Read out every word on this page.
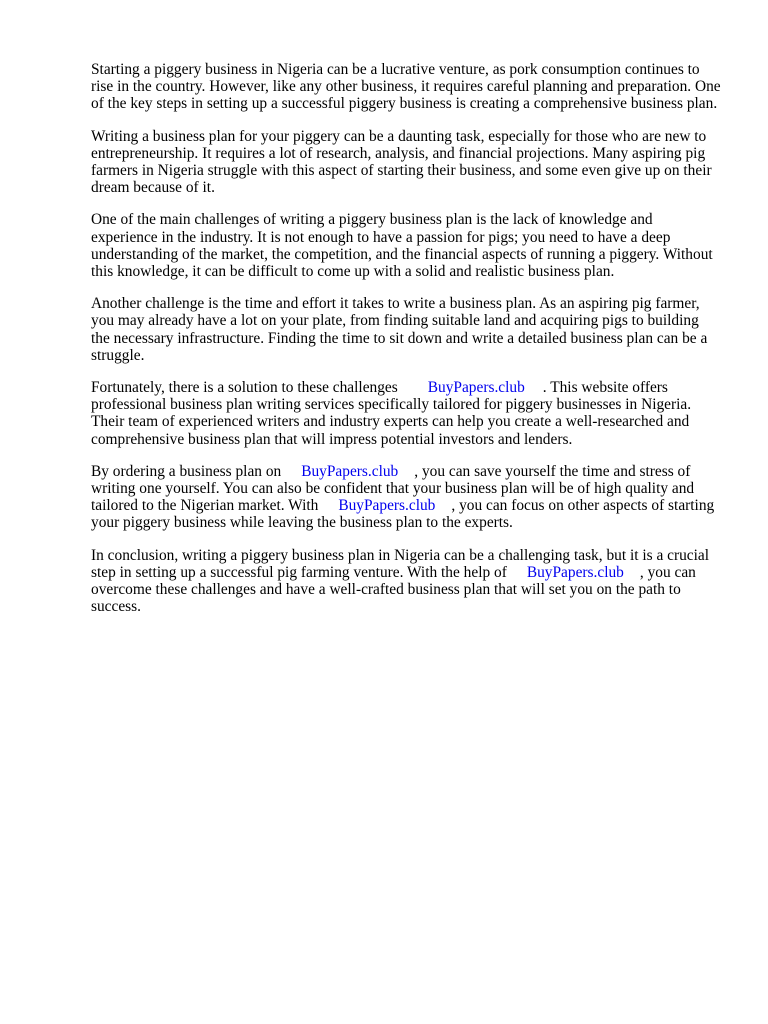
Starting a piggery business in Nigeria can be a lucrative venture, as pork consumption continues to rise in the country. However, like any other business, it requires careful planning and preparation. One of the key steps in setting up a successful piggery business is creating a comprehensive business plan.

Writing a business plan for your piggery can be a daunting task, especially for those who are new to entrepreneurship. It requires a lot of research, analysis, and financial projections. Many aspiring pig farmers in Nigeria struggle with this aspect of starting their business, and some even give up on their dream because of it.

One of the main challenges of writing a piggery business plan is the lack of knowledge and experience in the industry. It is not enough to have a passion for pigs; you need to have a deep understanding of the market, the competition, and the financial aspects of running a piggery. Without this knowledge, it can be difficult to come up with a solid and realistic business plan.

Another challenge is the time and effort it takes to write a business plan. As an aspiring pig farmer, you may already have a lot on your plate, from finding suitable land and acquiring pigs to building the necessary infrastructure. Finding the time to sit down and write a detailed business plan can be a struggle.

Fortunately, there is a solution to these challenges BuyPapers.club . This website offers professional business plan writing services specifically tailored for piggery businesses in Nigeria. Their team of experienced writers and industry experts can help you create a well-researched and comprehensive business plan that will impress potential investors and lenders.

By ordering a business plan on BuyPapers.club , you can save yourself the time and stress of writing one yourself. You can also be confident that your business plan will be of high quality and tailored to the Nigerian market. With BuyPapers.club , you can focus on other aspects of starting your piggery business while leaving the business plan to the experts.

In conclusion, writing a piggery business plan in Nigeria can be a challenging task, but it is a crucial step in setting up a successful pig farming venture. With the help of BuyPapers.club , you can overcome these challenges and have a well-crafted business plan that will set you on the path to success.
